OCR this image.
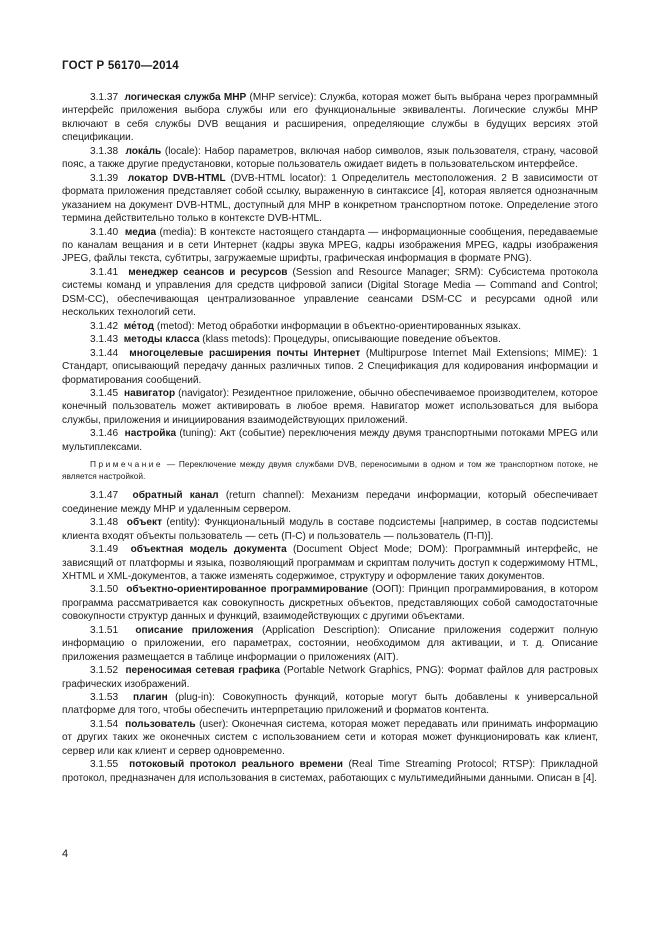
ГОСТ Р 56170—2014

3.1.37 логическая служба МНР (MHP service): Служба, которая может быть выбрана через программный интерфейс приложения выбора службы или его функциональные эквиваленты. Логические службы МНР включают в себя службы DVB вещания и расширения, определяющие службы в будущих версиях этой спецификации.

3.1.38 лока́ль (locale): Набор параметров, включая набор символов, язык пользователя, страну, часовой пояс, а также другие предустановки, которые пользователь ожидает видеть в пользовательском интерфейсе.

3.1.39 локатор DVB-HTML (DVB-HTML locator): 1 Определитель местоположения. 2 В зависимости от формата приложения представляет собой ссылку, выраженную в синтаксисе [4], которая является однозначным указанием на документ DVB-HTML, доступный для МНР в конкретном транспортном потоке. Определение этого термина действительно только в контексте DVB-HTML.

3.1.40 медиа (media): В контексте настоящего стандарта — информационные сообщения, передаваемые по каналам вещания и в сети Интернет (кадры звука MPEG, кадры изображения MPEG, кадры изображения JPEG, файлы текста, субтитры, загружаемые шрифты, графическая информация в формате PNG).

3.1.41 менеджер сеансов и ресурсов (Session and Resource Manager; SRM): Субсистема протокола системы команд и управления для средств цифровой записи (Digital Storage Media — Command and Control; DSM-CC), обеспечивающая централизованное управление сеансами DSM-CC и ресурсами одной или нескольких технологий сети.

3.1.42 ме́тод (metod): Метод обработки информации в объектно-ориентированных языках.

3.1.43 методы класса (klass metods): Процедуры, описывающие поведение объектов.

3.1.44 многоцелевые расширения почты Интернет (Multipurpose Internet Mail Extensions; MIME): 1 Стандарт, описывающий передачу данных различных типов. 2 Спецификация для кодирования информации и форматирования сообщений.

3.1.45 навигатор (navigator): Резидентное приложение, обычно обеспечиваемое производителем, которое конечный пользователь может активировать в любое время. Навигатор может использоваться для выбора службы, приложения и инициирования взаимодействующих приложений.

3.1.46 настройка (tuning): Акт (событие) переключения между двумя транспортными потоками MPEG или мультиплексами.

Примечание — Переключение между двумя службами DVB, переносимыми в одном и том же транспортном потоке, не является настройкой.

3.1.47 обратный канал (return channel): Механизм передачи информации, который обеспечивает соединение между МНР и удаленным сервером.

3.1.48 объект (entity): Функциональный модуль в составе подсистемы [например, в состав подсистемы клиента входят объекты пользователь — сеть (П-С) и пользователь — пользователь (П-П)].

3.1.49 объектная модель документа (Document Object Mode; DOM): Программный интерфейс, не зависящий от платформы и языка, позволяющий программам и скриптам получить доступ к содержимому HTML, XHTML и XML-документов, а также изменять содержимое, структуру и оформление таких документов.

3.1.50 объектно-ориентированное программирование (ООП): Принцип программирования, в котором программа рассматривается как совокупность дискретных объектов, представляющих собой самодостаточные совокупности структур данных и функций, взаимодействующих с другими объектами.

3.1.51 описание приложения (Application Description): Описание приложения содержит полную информацию о приложении, его параметрах, состоянии, необходимом для активации, и т. д. Описание приложения размещается в таблице информации о приложениях (AIT).

3.1.52 переносимая сетевая графика (Portable Network Graphics, PNG): Формат файлов для растровых графических изображений.

3.1.53 плагин (plug-in): Совокупность функций, которые могут быть добавлены к универсальной платформе для того, чтобы обеспечить интерпретацию приложений и форматов контента.

3.1.54 пользователь (user): Оконечная система, которая может передавать или принимать информацию от других таких же оконечных систем с использованием сети и которая может функционировать как клиент, сервер или как клиент и сервер одновременно.

3.1.55 потоковый протокол реального времени (Real Time Streaming Protocol; RTSP): Прикладной протокол, предназначен для использования в системах, работающих с мультимедийными данными. Описан в [4].

4
